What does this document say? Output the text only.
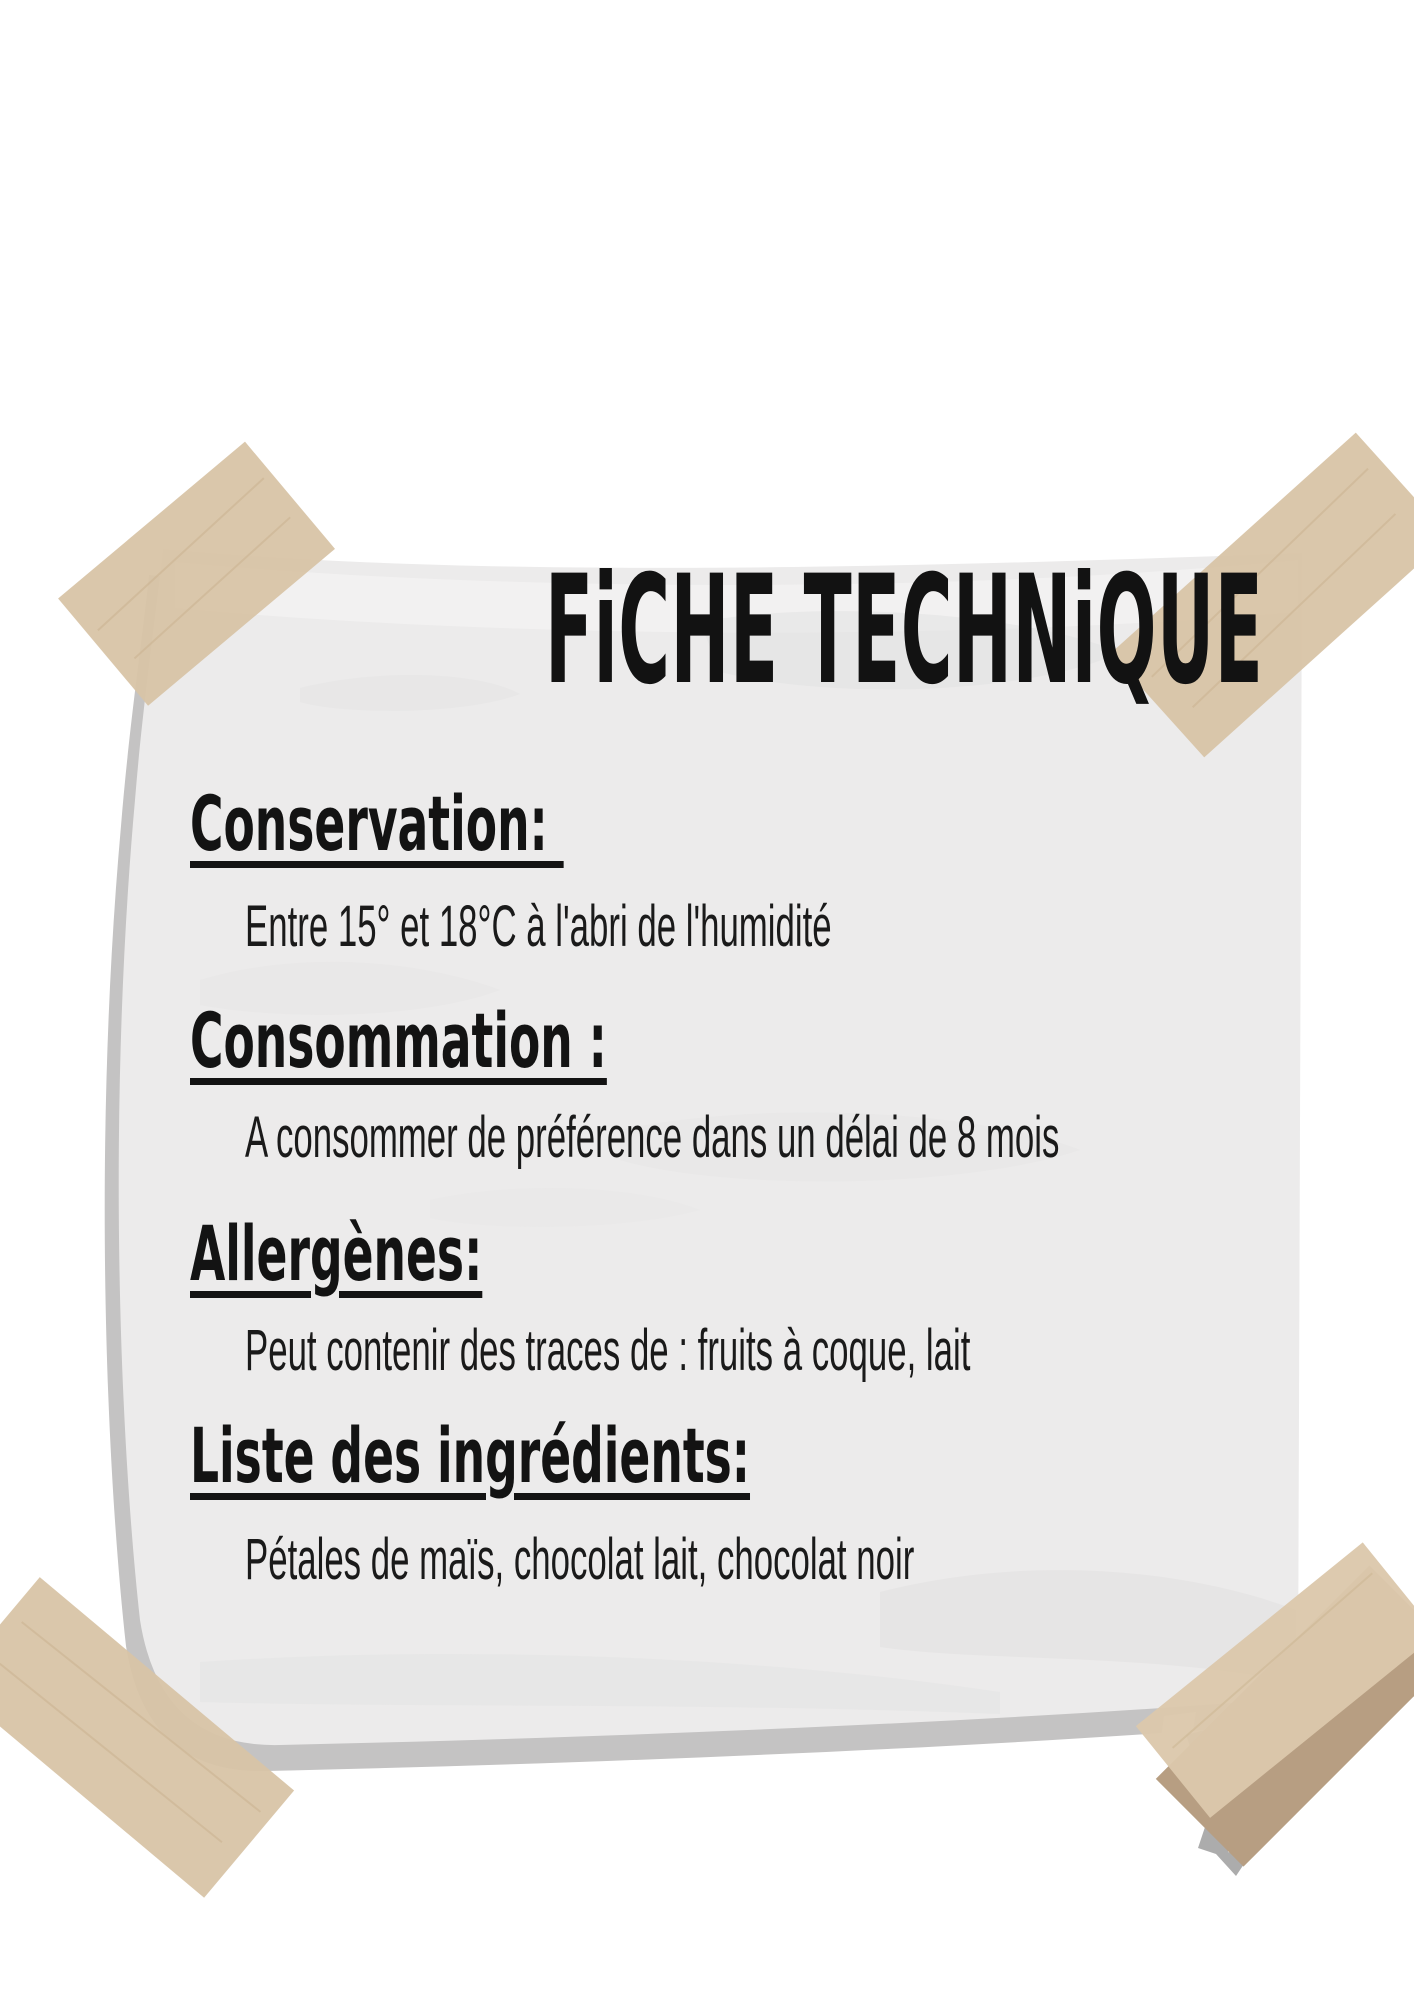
FiCHE TECHNiQUE
Conservation:
Entre 15° et 18°C à l'abri de l'humidité
Consommation :
A consommer de préférence dans un délai de 8 mois
Allergènes:
Peut contenir des traces de : fruits à coque, lait
Liste des ingrédients:
Pétales de maïs, chocolat lait, chocolat noir
